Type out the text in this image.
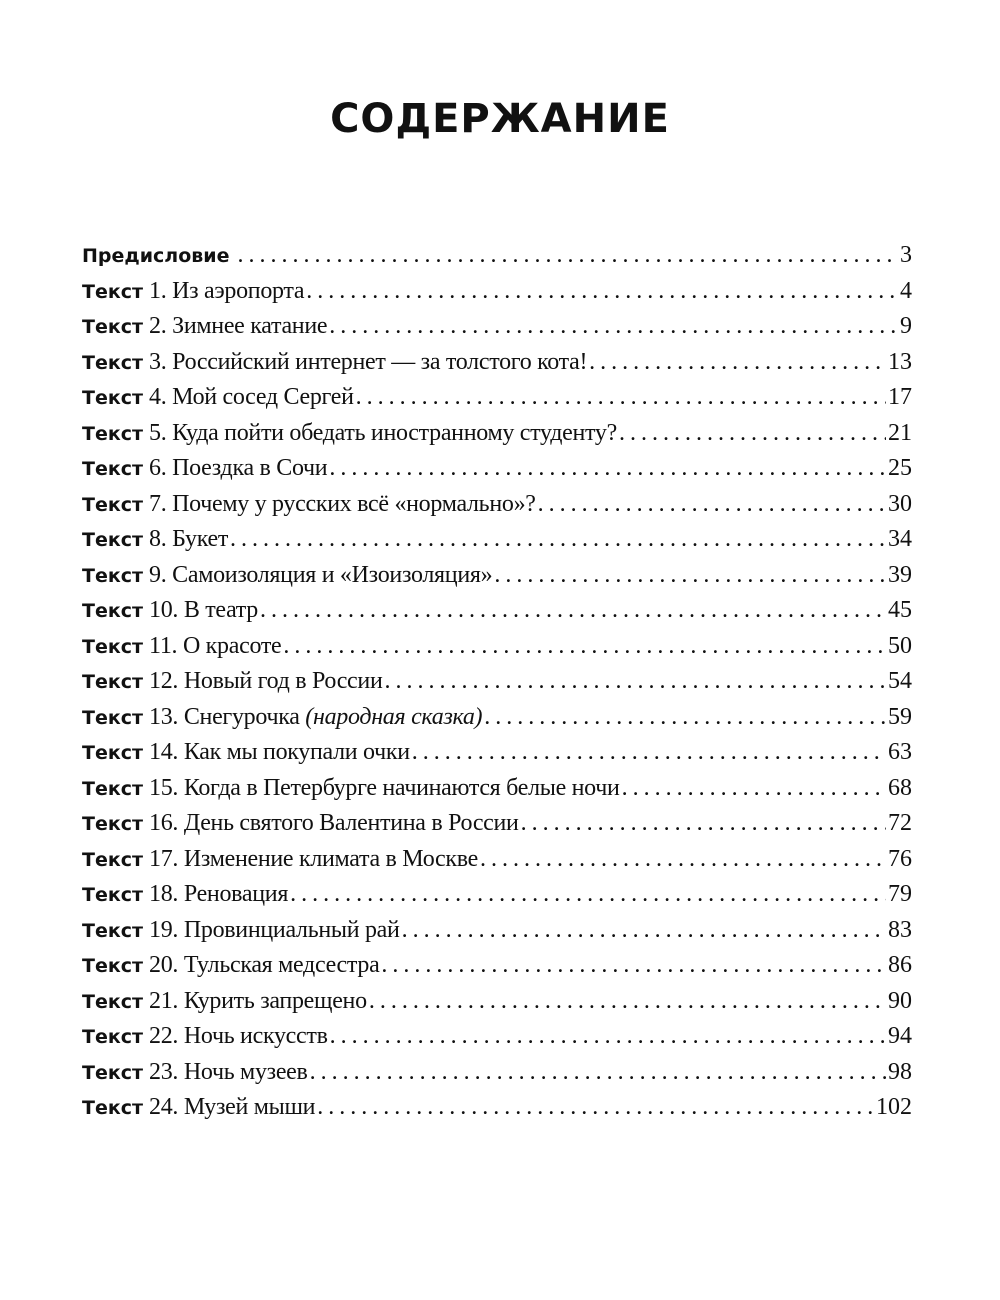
СОДЕРЖАНИЕ
Предисловие . . .	3
Текст 1. Из аэропорта . . .	4
Текст 2. Зимнее катание . . .	9
Текст 3. Российский интернет — за толстого кота! . . .	13
Текст 4. Мой сосед Сергей . . .	17
Текст 5. Куда пойти обедать иностранному студенту? . . .	21
Текст 6. Поездка в Сочи . . .	25
Текст 7. Почему у русских всё «нормально»? . . .	30
Текст 8. Букет . . .	34
Текст 9. Самоизоляция и «Изоизоляция» . . .	39
Текст 10. В театр . . .	45
Текст 11. О красоте . . .	50
Текст 12. Новый год в России . . .	54
Текст 13. Снегурочка (народная сказка) . . .	59
Текст 14. Как мы покупали очки . . .	63
Текст 15. Когда в Петербурге начинаются белые ночи . . .	68
Текст 16. День святого Валентина в России . . .	72
Текст 17. Изменение климата в Москве . . .	76
Текст 18. Реновация . . .	79
Текст 19. Провинциальный рай . . .	83
Текст 20. Тульская медсестра . . .	86
Текст 21. Курить запрещено . . .	90
Текст 22. Ночь искусств . . .	94
Текст 23. Ночь музеев . . .	98
Текст 24. Музей мыши . . .	102
